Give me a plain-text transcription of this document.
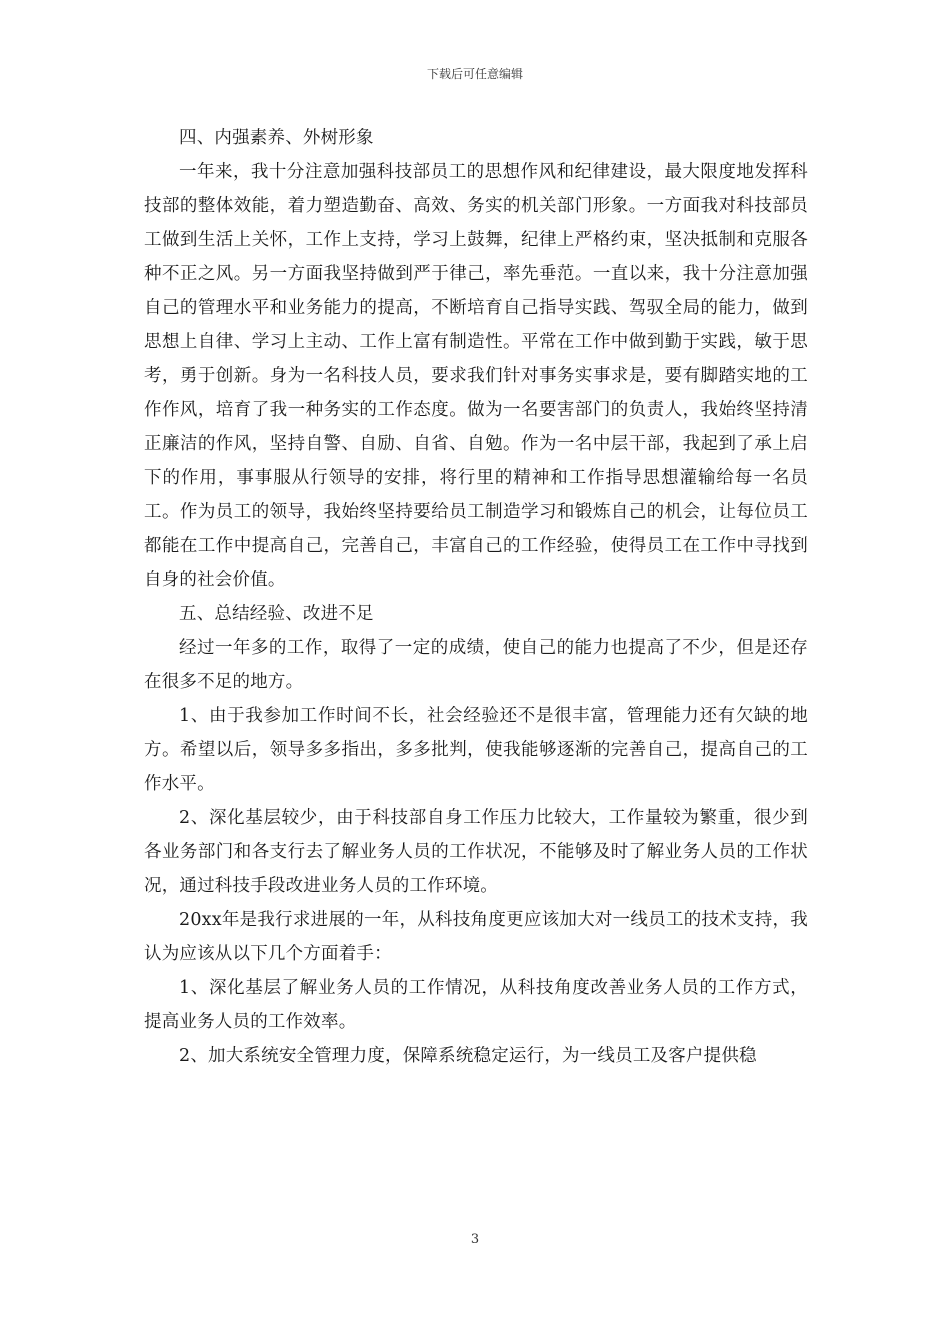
下载后可任意编辑

四、内强素养、外树形象

一年来，我十分注意加强科技部员工的思想作风和纪律建设，最大限度地发挥科技部的整体效能，着力塑造勤奋、高效、务实的机关部门形象。一方面我对科技部员工做到生活上关怀，工作上支持，学习上鼓舞，纪律上严格约束，坚决抵制和克服各种不正之风。另一方面我坚持做到严于律己，率先垂范。一直以来，我十分注意加强自己的管理水平和业务能力的提高，不断培育自己指导实践、驾驭全局的能力，做到思想上自律、学习上主动、工作上富有制造性。平常在工作中做到勤于实践，敏于思考，勇于创新。身为一名科技人员，要求我们针对事务实事求是，要有脚踏实地的工作作风，培育了我一种务实的工作态度。做为一名要害部门的负责人，我始终坚持清正廉洁的作风，坚持自警、自励、自省、自勉。作为一名中层干部，我起到了承上启下的作用，事事服从行领导的安排，将行里的精神和工作指导思想灌输给每一名员工。作为员工的领导，我始终坚持要给员工制造学习和锻炼自己的机会，让每位员工都能在工作中提高自己，完善自己，丰富自己的工作经验，使得员工在工作中寻找到自身的社会价值。

五、总结经验、改进不足

经过一年多的工作，取得了一定的成绩，使自己的能力也提高了不少，但是还存在很多不足的地方。

1、由于我参加工作时间不长，社会经验还不是很丰富，管理能力还有欠缺的地方。希望以后，领导多多指出，多多批判，使我能够逐渐的完善自己，提高自己的工作水平。

2、深化基层较少，由于科技部自身工作压力比较大，工作量较为繁重，很少到各业务部门和各支行去了解业务人员的工作状况，不能够及时了解业务人员的工作状况，通过科技手段改进业务人员的工作环境。

20xx年是我行求进展的一年，从科技角度更应该加大对一线员工的技术支持，我认为应该从以下几个方面着手：

1、深化基层了解业务人员的工作情况，从科技角度改善业务人员的工作方式，提高业务人员的工作效率。

2、加大系统安全管理力度，保障系统稳定运行，为一线员工及客户提供稳

3
